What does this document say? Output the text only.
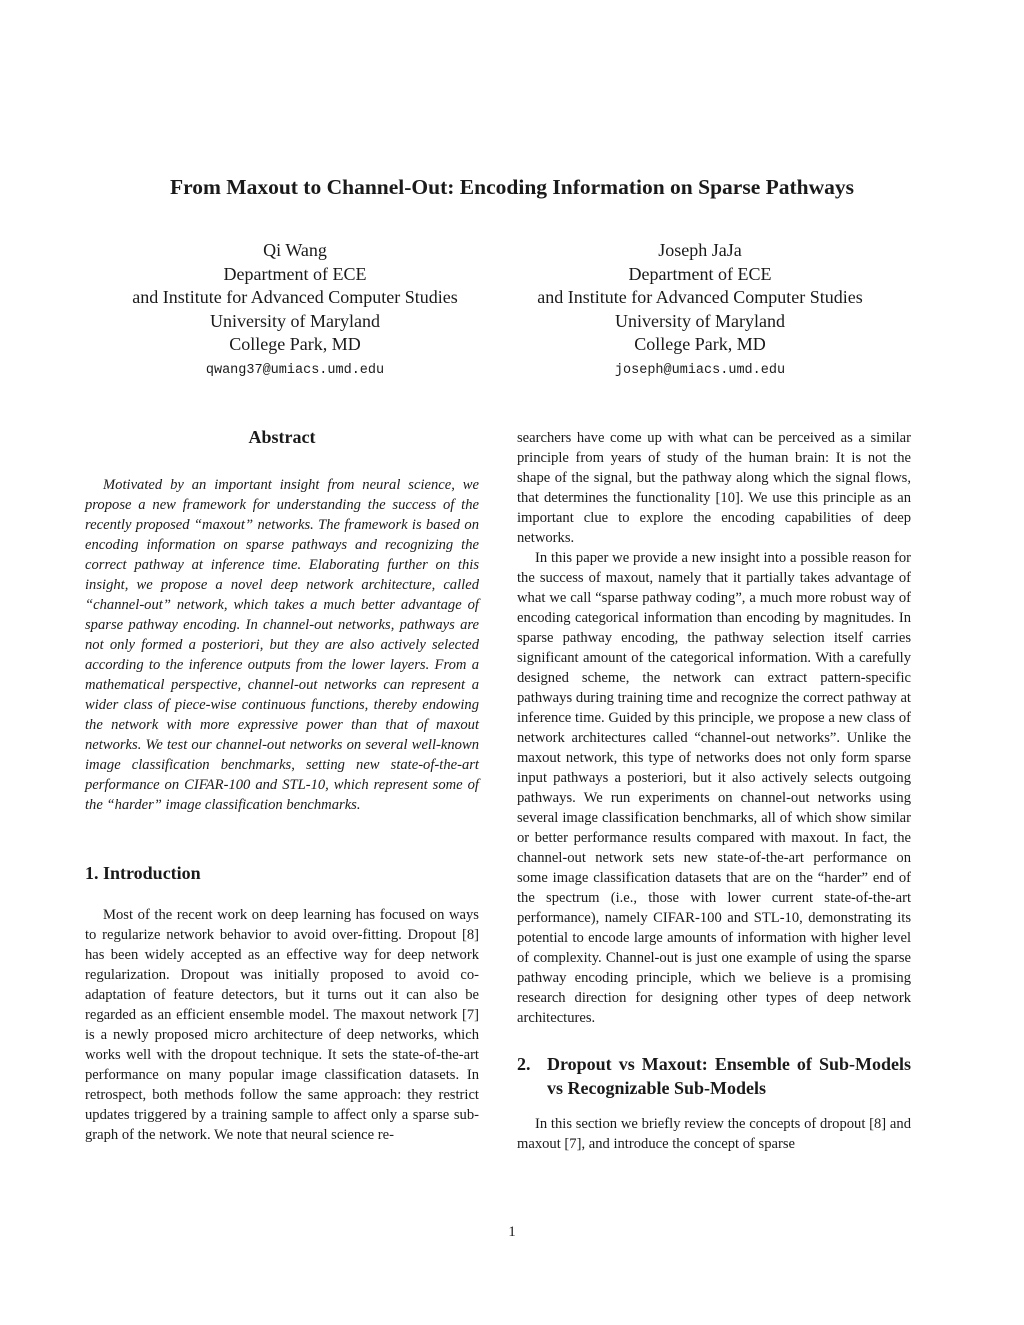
From Maxout to Channel-Out: Encoding Information on Sparse Pathways
Qi Wang
Department of ECE
and Institute for Advanced Computer Studies
University of Maryland
College Park, MD
qwang37@umiacs.umd.edu
Joseph JaJa
Department of ECE
and Institute for Advanced Computer Studies
University of Maryland
College Park, MD
joseph@umiacs.umd.edu
Abstract

Motivated by an important insight from neural science, we propose a new framework for understanding the success of the recently proposed “maxout” networks. The framework is based on encoding information on sparse pathways and recognizing the correct pathway at inference time. Elaborating further on this insight, we propose a novel deep network architecture, called “channel-out” network, which takes a much better advantage of sparse pathway encoding. In channel-out networks, pathways are not only formed a posteriori, but they are also actively selected according to the inference outputs from the lower layers. From a mathematical perspective, channel-out networks can represent a wider class of piece-wise continuous functions, thereby endowing the network with more expressive power than that of maxout networks. We test our channel-out networks on several well-known image classification benchmarks, setting new state-of-the-art performance on CIFAR-100 and STL-10, which represent some of the “harder” image classification benchmarks.

1. Introduction

Most of the recent work on deep learning has focused on ways to regularize network behavior to avoid over-fitting. Dropout [8] has been widely accepted as an effective way for deep network regularization. Dropout was initially proposed to avoid co-adaptation of feature detectors, but it turns out it can also be regarded as an efficient ensemble model. The maxout network [7] is a newly proposed micro architecture of deep networks, which works well with the dropout technique. It sets the state-of-the-art performance on many popular image classification datasets. In retrospect, both methods follow the same approach: they restrict updates triggered by a training sample to affect only a sparse sub-graph of the network. We note that neural science re-

searchers have come up with what can be perceived as a similar principle from years of study of the human brain: It is not the shape of the signal, but the pathway along which the signal flows, that determines the functionality [10]. We use this principle as an important clue to explore the encoding capabilities of deep networks.

In this paper we provide a new insight into a possible reason for the success of maxout, namely that it partially takes advantage of what we call “sparse pathway coding”, a much more robust way of encoding categorical information than encoding by magnitudes. In sparse pathway encoding, the pathway selection itself carries significant amount of the categorical information. With a carefully designed scheme, the network can extract pattern-specific pathways during training time and recognize the correct pathway at inference time. Guided by this principle, we propose a new class of network architectures called “channel-out networks”. Unlike the maxout network, this type of networks does not only form sparse input pathways a posteriori, but it also actively selects outgoing pathways. We run experiments on channel-out networks using several image classification benchmarks, all of which show similar or better performance results compared with maxout. In fact, the channel-out network sets new state-of-the-art performance on some image classification datasets that are on the “harder” end of the spectrum (i.e., those with lower current state-of-the-art performance), namely CIFAR-100 and STL-10, demonstrating its potential to encode large amounts of information with higher level of complexity. Channel-out is just one example of using the sparse pathway encoding principle, which we believe is a promising research direction for designing other types of deep network architectures.

2. Dropout vs Maxout: Ensemble of Sub-Models vs Recognizable Sub-Models

In this section we briefly review the concepts of dropout [8] and maxout [7], and introduce the concept of sparse

1
